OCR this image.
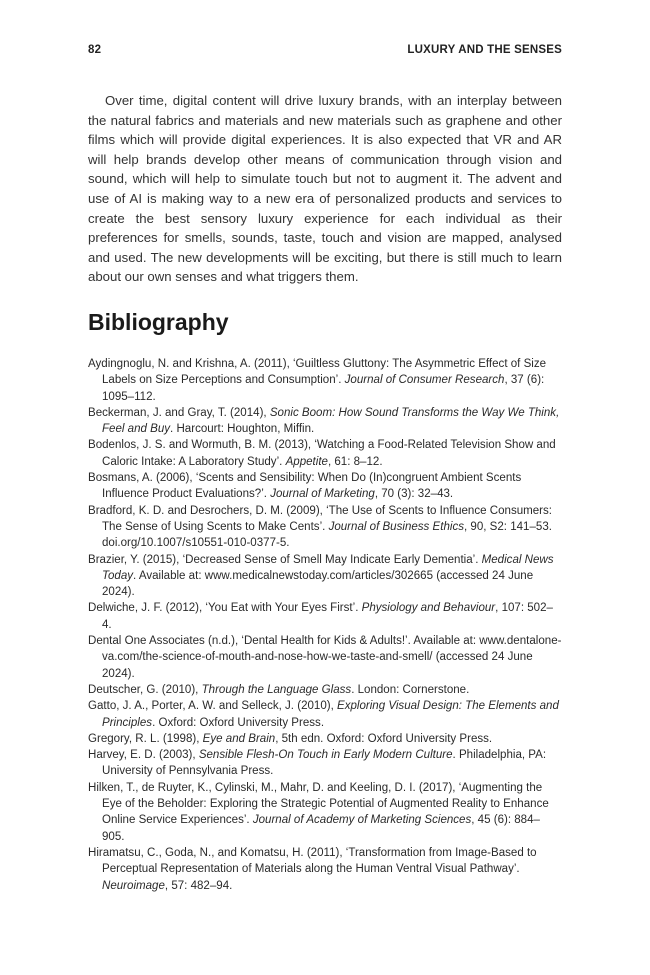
82	LUXURY AND THE SENSES

Over time, digital content will drive luxury brands, with an interplay between the natural fabrics and materials and new materials such as graphene and other films which will provide digital experiences. It is also expected that VR and AR will help brands develop other means of communication through vision and sound, which will help to simulate touch but not to augment it. The advent and use of AI is making way to a new era of personalized products and services to create the best sensory luxury experience for each individual as their preferences for smells, sounds, taste, touch and vision are mapped, analysed and used. The new developments will be exciting, but there is still much to learn about our own senses and what triggers them.

Bibliography
Aydingnoglu, N. and Krishna, A. (2011), ‘Guiltless Gluttony: The Asymmetric Effect of Size Labels on Size Perceptions and Consumption’. Journal of Consumer Research, 37 (6): 1095–112.
Beckerman, J. and Gray, T. (2014), Sonic Boom: How Sound Transforms the Way We Think, Feel and Buy. Harcourt: Houghton, Miffin.
Bodenlos, J. S. and Wormuth, B. M. (2013), ‘Watching a Food-Related Television Show and Caloric Intake: A Laboratory Study’. Appetite, 61: 8–12.
Bosmans, A. (2006), ‘Scents and Sensibility: When Do (In)congruent Ambient Scents Influence Product Evaluations?’. Journal of Marketing, 70 (3): 32–43.
Bradford, K. D. and Desrochers, D. M. (2009), ‘The Use of Scents to Influence Consumers: The Sense of Using Scents to Make Cents’. Journal of Business Ethics, 90, S2: 141–53. doi.org/10.1007/s10551-010-0377-5.
Brazier, Y. (2015), ‘Decreased Sense of Smell May Indicate Early Dementia’. Medical News Today. Available at: www.medicalnewstoday.com/articles/302665 (accessed 24 June 2024).
Delwiche, J. F. (2012), ‘You Eat with Your Eyes First’. Physiology and Behaviour, 107: 502–4.
Dental One Associates (n.d.), ‘Dental Health for Kids & Adults!’. Available at: www.dentalone-va.com/the-science-of-mouth-and-nose-how-we-taste-and-smell/ (accessed 24 June 2024).
Deutscher, G. (2010), Through the Language Glass. London: Cornerstone.
Gatto, J. A., Porter, A. W. and Selleck, J. (2010), Exploring Visual Design: The Elements and Principles. Oxford: Oxford University Press.
Gregory, R. L. (1998), Eye and Brain, 5th edn. Oxford: Oxford University Press.
Harvey, E. D. (2003), Sensible Flesh-On Touch in Early Modern Culture. Philadelphia, PA: University of Pennsylvania Press.
Hilken, T., de Ruyter, K., Cylinski, M., Mahr, D. and Keeling, D. I. (2017), ‘Augmenting the Eye of the Beholder: Exploring the Strategic Potential of Augmented Reality to Enhance Online Service Experiences’. Journal of Academy of Marketing Sciences, 45 (6): 884–905.
Hiramatsu, C., Goda, N., and Komatsu, H. (2011), ‘Transformation from Image-Based to Perceptual Representation of Materials along the Human Ventral Visual Pathway’. Neuroimage, 57: 482–94.
